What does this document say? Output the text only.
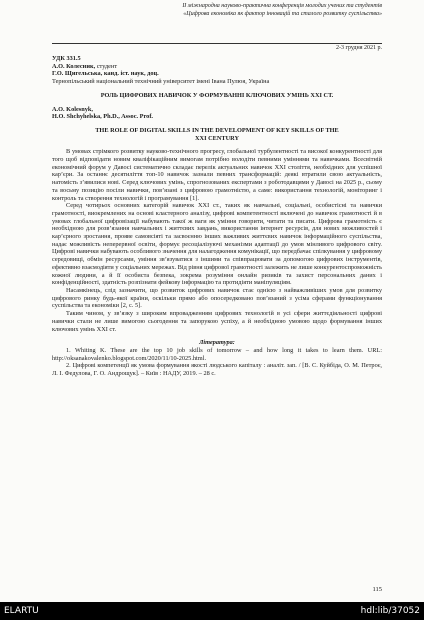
ІІ міжнародна науково-практична конференція молодих учених та студентів
«Цифрова економіка як фактор інновацій та сталого розвитку суспільства»
2-3 грудня 2021 р.

УДК 331.5

А.О. Колесник, студент

Г.О. Щигельська, канд. іст. наук, доц.

Тернопільський національний технічний університет імені Івана Пулюя, Україна

РОЛЬ ЦИФРОВИХ НАВИЧОК У ФОРМУВАННІ КЛЮЧОВИХ УМІНЬ XXI СТ.

A.O. Kolesnyk,

H.O. Shchyhelska, Ph.D., Assoc. Prof.

THE ROLE OF DIGITAL SKILLS IN THE DEVELOPMENT OF KEY SKILLS OF THE XXI CENTURY

В умовах стрімкого розвитку науково-технічного прогресу, глобальної турбулентності та високої конкурентності для того щоб відповідати новим кваліфікаційним вимогам потрібно володіти певними уміннями та навичками. Всесвітній економічний форум у Давосі систематично складає перелік актуальних навичок XXI століття, необхідних для успішної кар’єри. За останнє десятиліття топ-10 навичок зазнали певних трансформацій: деякі втратили свою актуальність, натомість з’явилися нові. Серед ключових умінь, спрогнозованих експертами з роботодавцями у Давосі на 2025 р., сьому та восьму позицію посіли навички, пов’язані з цифровою грамотністю, а саме: використання технологій, моніторинг і контроль та створення технологій і програмування [1].

Серед чотирьох основних категорій навичок XXI ст., таких як навчальні, соціальні, особистісні та навички грамотності, виокремлених на основі кластерного аналізу, цифрові компетентності включені до навичок грамотності й в умовах глобальної цифровізації набувають такої ж ваги як уміння говорити, читати та писати. Цифрова грамотність є необхідною для розв’язання навчальних і життєвих завдань, використання інтернет ресурсів, для нових можливостей і кар’єрного зростання, прояве самовсіяті та засвоєнню інших важливих життєвих навичок інформаційного суспільства, надає можливість неперервної освіти, формує ресоціалізуючі механізми адаптації до умов мінливого цифрового світу. Цифрові навички набувають особливого значення для налагодження комунікації, що передбачає спілкування у цифровому середовищі, обмін ресурсами, уміння зв’язуватися з іншими та співпрацювати за допомогою цифрових інструментів, ефективно взаємодіяти у соціальних мережах. Від рівня цифрової грамотності залежить не лише конкурентоспроможність кожної людини, а й її особиста безпека, зокрема розуміння онлайн ризиків та захист персональних даних і конфіденційності, здатність розпізнати фейкову інформацію та протидіяти маніпуляціям.

Насамкінець, слід зазначити, що розвиток цифрових навичок стає однією з найважливіших умов для розвитку цифрового ринку будь-якої країни, оскільки прямо або опосередковано пов’язаний з усіма сферами функціонування суспільства та економіки [2, c. 5].

Таким чином, у зв’язку з широким впровадженням цифрових технологій в усі сфери життєдіяльності цифрові навички стали не лише вимогою сьогодення та запорукою успіху, а й необхідною умовою щодо формування інших ключових умінь XXI ст.

Література:

1. Whiting K. These are the top 10 job skills of tomorrow – and how long it takes to learn them. URL: http://oksanakovalenko.blogspot.com/2020/11/10-2025.html.

2. Цифрові компетенції як умова формування якості людського капіталу : аналіт. зап. / [В. С. Куйбіда, О. М. Петроє, Л. І. Федулова, Г. О. Андрощук]. – Київ : НАДУ, 2019. – 28 c.

115
ELARTU	hdl:lib/37052
